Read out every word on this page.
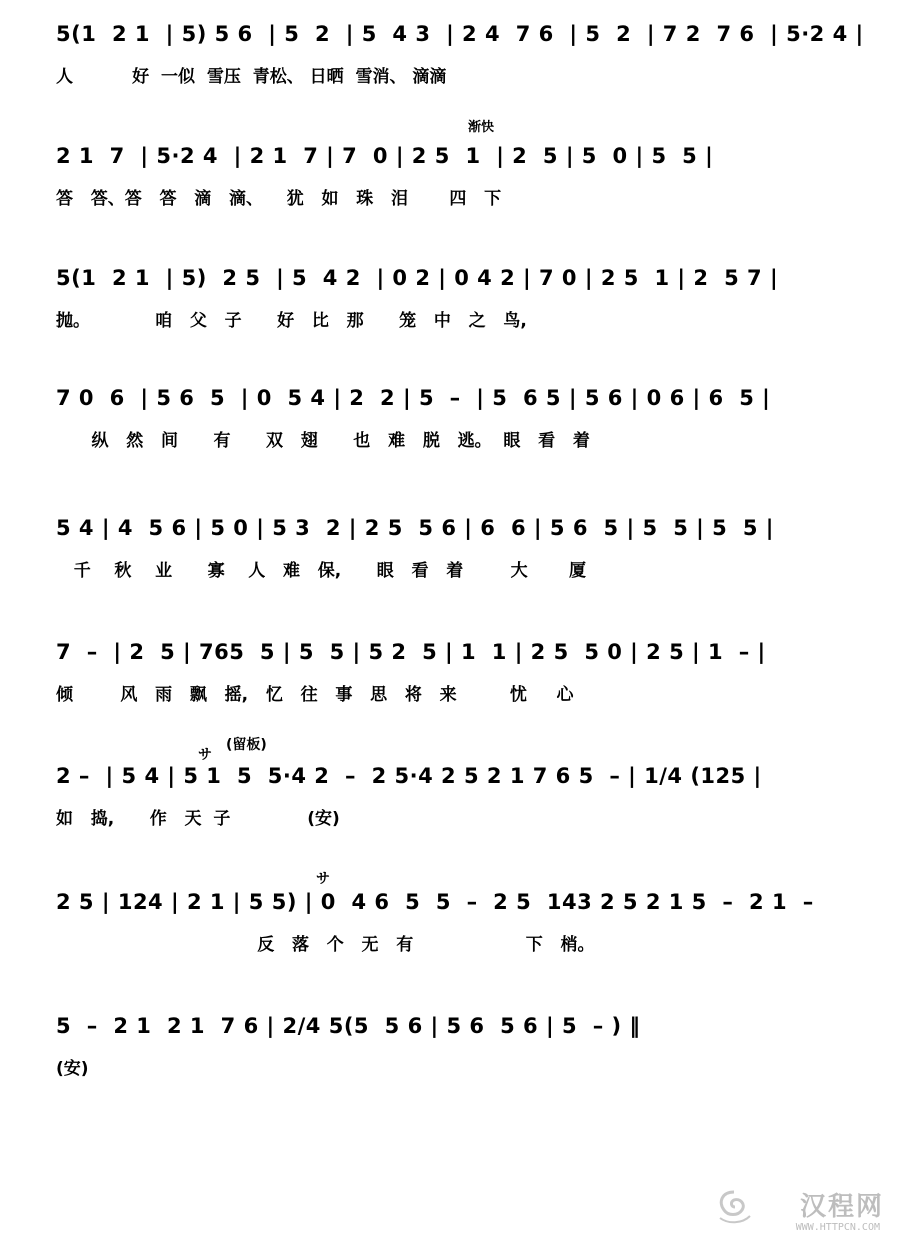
5(1  2 1  | 5) 5 6  | 5  2  | 5  4 3  | 2 4  7 6  | 5  2  | 7 2  7 6  | 5·2 4 |

人          好  一似  雪压  青松、 日晒  雪消、 滴滴

渐快

2 1  7  | 5·2 4  | 2 1  7 | 7  0 | 2 5  1  | 2  5 | 5  0 | 5  5 |

答   答、答   答   滴   滴、    犹   如   珠   泪       四   下

5(1  2 1  | 5)  2 5  | 5  4 2  | 0 2 | 0 4 2 | 7 0 | 2 5  1 | 2  5 7 |

抛。           咱   父   子      好   比   那      笼   中   之   鸟,

7 0  6  | 5 6  5  | 0  5 4 | 2  2 | 5  –  | 5  6 5 | 5 6 | 0 6 | 6  5 |

纵   然   间      有      双   翅      也   难   脱   逃。  眼   看   着

5 4 | 4  5 6 | 5 0 | 5 3  2 | 2 5  5 6 | 6  6 | 5 6  5 | 5  5 | 5  5 |

千    秋    业      寡    人   难   保,      眼   看   着        大       厦

7  –  | 2  5 | 765  5 | 5  5 | 5 2  5 | 1  1 | 2 5  5 0 | 2 5 | 1  – |

倾        风   雨   飘   摇,   忆   往   事   思   将   来         忧     心

サ
(留板)

2 –  | 5 4 | 5 1  5  5·4 2  –  2 5·4 2 5 2 1 7 6 5  – | 1/4 (125 |

如   捣,      作   天  子             (安)

サ

2 5 | 124 | 2 1 | 5 5) | 0  4 6  5  5  –  2 5  143 2 5 2 1 5  –  2 1  –

反   落   个   无   有                   下   梢。

5  –  2 1  2 1  7 6 | 2/4 5(5  5 6 | 5 6  5 6 | 5  – ) ‖

(安)

汉程网
WWW.HTTPCN.COM
